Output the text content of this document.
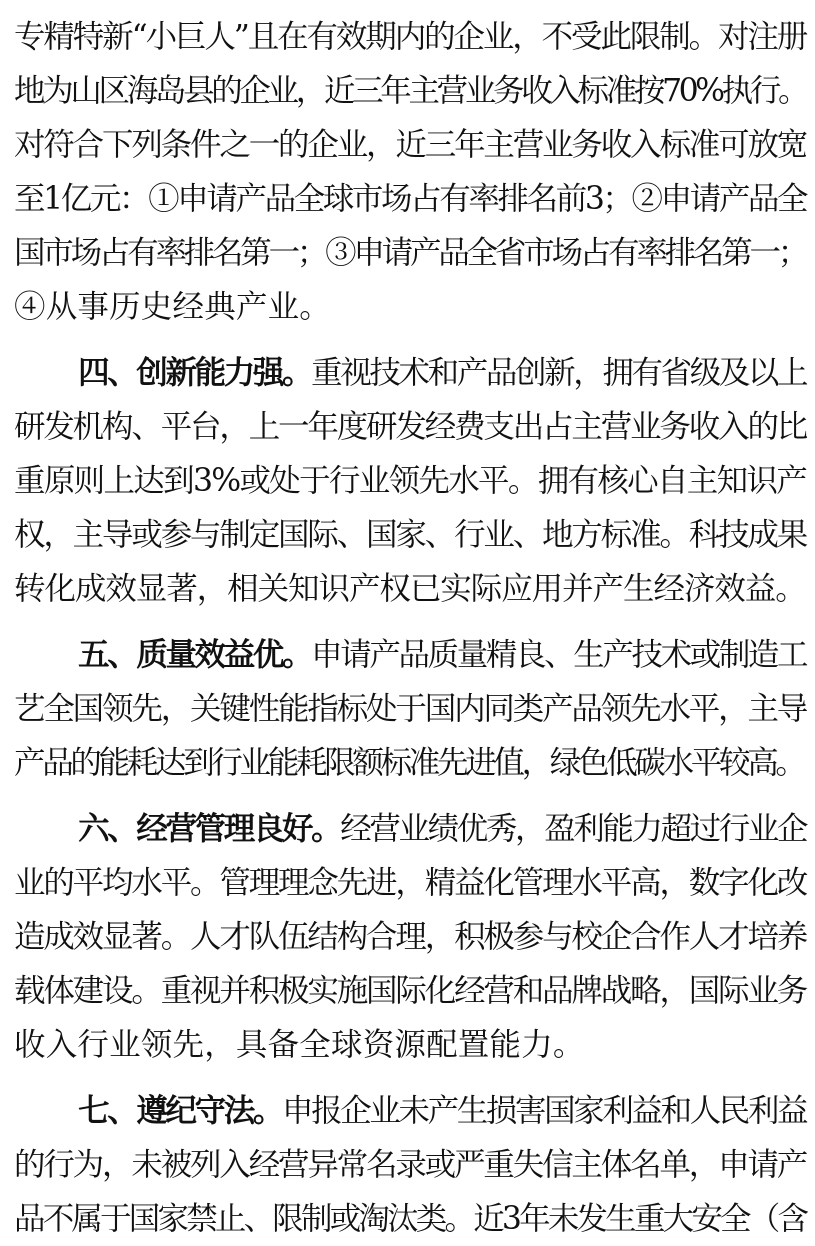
专精特新“小巨人”且在有效期内的企业，不受此限制。对注册
地为山区海岛县的企业，近三年主营业务收入标准按70%执行。
对符合下列条件之一的企业，近三年主营业务收入标准可放宽
至1亿元：①申请产品全球市场占有率排名前3；②申请产品全
国市场占有率排名第一；③申请产品全省市场占有率排名第一；
④从事历史经典产业。

四、创新能力强。重视技术和产品创新，拥有省级及以上
研发机构、平台，上一年度研发经费支出占主营业务收入的比
重原则上达到3%或处于行业领先水平。拥有核心自主知识产
权，主导或参与制定国际、国家、行业、地方标准。科技成果
转化成效显著，相关知识产权已实际应用并产生经济效益。

五、质量效益优。申请产品质量精良、生产技术或制造工
艺全国领先，关键性能指标处于国内同类产品领先水平，主导
产品的能耗达到行业能耗限额标准先进值，绿色低碳水平较高。

六、经营管理良好。经营业绩优秀，盈利能力超过行业企
业的平均水平。管理理念先进，精益化管理水平高，数字化改
造成效显著。人才队伍结构合理，积极参与校企合作人才培养
载体建设。重视并积极实施国际化经营和品牌战略，国际业务
收入行业领先，具备全球资源配置能力。

七、遵纪守法。申报企业未产生损害国家利益和人民利益
的行为，未被列入经营异常名录或严重失信主体名单，申请产
品不属于国家禁止、限制或淘汰类。近3年未发生重大安全（含
